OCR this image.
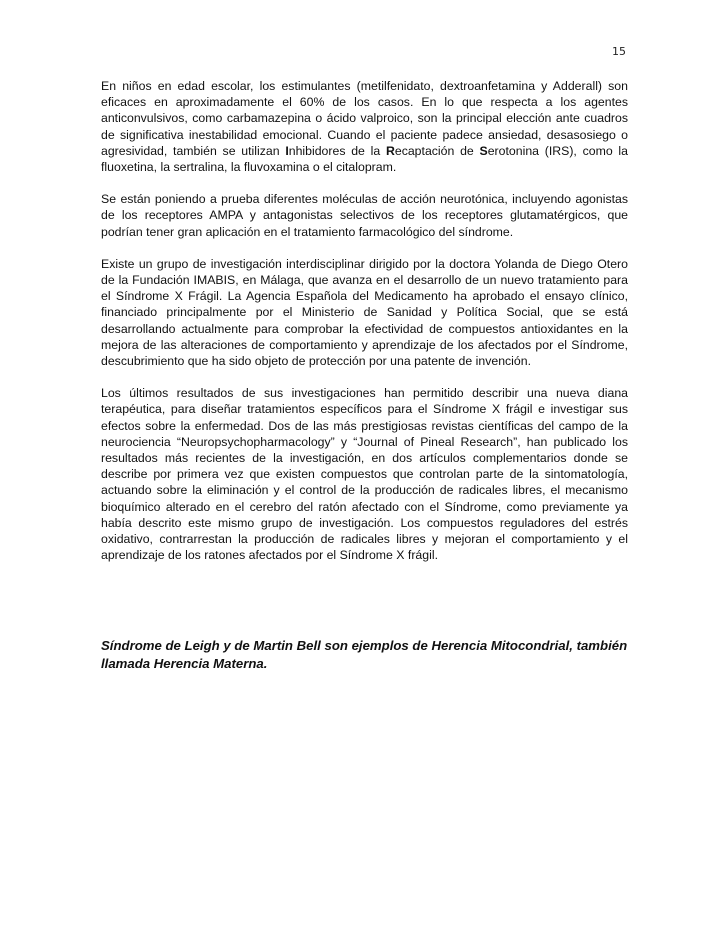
15

En niños en edad escolar, los estimulantes (metilfenidato, dextroanfetamina y Adderall) son eficaces en aproximadamente el 60% de los casos. En lo que respecta a los agentes anticonvulsivos, como carbamazepina o ácido valproico, son la principal elección ante cuadros de significativa inestabilidad emocional. Cuando el paciente padece ansiedad, desasosiego o agresividad, también se utilizan Inhibidores de la Recaptación de Serotonina (IRS), como la fluoxetina, la sertralina, la fluvoxamina o el citalopram.

Se están poniendo a prueba diferentes moléculas de acción neurotónica, incluyendo agonistas de los receptores AMPA y antagonistas selectivos de los receptores glutamatérgicos, que podrían tener gran aplicación en el tratamiento farmacológico del síndrome.

Existe un grupo de investigación interdisciplinar dirigido por la doctora Yolanda de Diego Otero de la Fundación IMABIS, en Málaga, que avanza en el desarrollo de un nuevo tratamiento para el Síndrome X Frágil. La Agencia Española del Medicamento ha aprobado el ensayo clínico, financiado principalmente por el Ministerio de Sanidad y Política Social, que se está desarrollando actualmente para comprobar la efectividad de compuestos antioxidantes en la mejora de las alteraciones de comportamiento y aprendizaje de los afectados por el Síndrome, descubrimiento que ha sido objeto de protección por una patente de invención.

Los últimos resultados de sus investigaciones han permitido describir una nueva diana terapéutica, para diseñar tratamientos específicos para el Síndrome X frágil e investigar sus efectos sobre la enfermedad. Dos de las más prestigiosas revistas científicas del campo de la neurociencia “Neuropsychopharmacology” y “Journal of Pineal Research”, han publicado los resultados más recientes de la investigación, en dos artículos complementarios donde se describe por primera vez que existen compuestos que controlan parte de la sintomatología, actuando sobre la eliminación y el control de la producción de radicales libres, el mecanismo bioquímico alterado en el cerebro del ratón afectado con el Síndrome, como previamente ya había descrito este mismo grupo de investigación. Los compuestos reguladores del estrés oxidativo, contrarrestan la producción de radicales libres y mejoran el comportamiento y el aprendizaje de los ratones afectados por el Síndrome X frágil.

Síndrome de Leigh y de Martin Bell son ejemplos de Herencia Mitocondrial, también llamada Herencia Materna.
